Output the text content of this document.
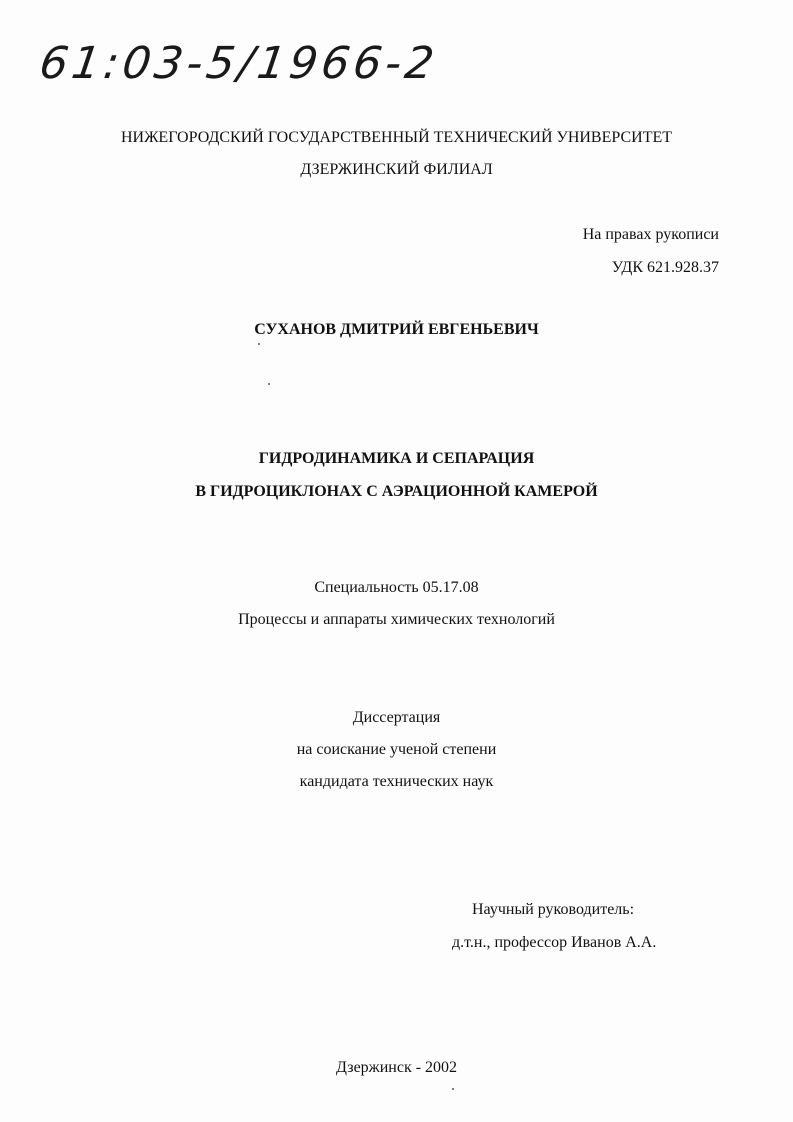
61:03-5/1966-2
НИЖЕГОРОДСКИЙ ГОСУДАРСТВЕННЫЙ ТЕХНИЧЕСКИЙ УНИВЕРСИТЕТ
ДЗЕРЖИНСКИЙ ФИЛИАЛ
На правах рукописи
УДК 621.928.37
СУХАНОВ ДМИТРИЙ ЕВГЕНЬЕВИЧ
ГИДРОДИНАМИКА И СЕПАРАЦИЯ
В ГИДРОЦИКЛОНАХ С АЭРАЦИОННОЙ КАМЕРОЙ
Специальность 05.17.08
Процессы и аппараты химических технологий
Диссертация
на соискание ученой степени
кандидата технических наук
Научный руководитель:
д.т.н., профессор Иванов А.А.
Дзержинск - 2002
